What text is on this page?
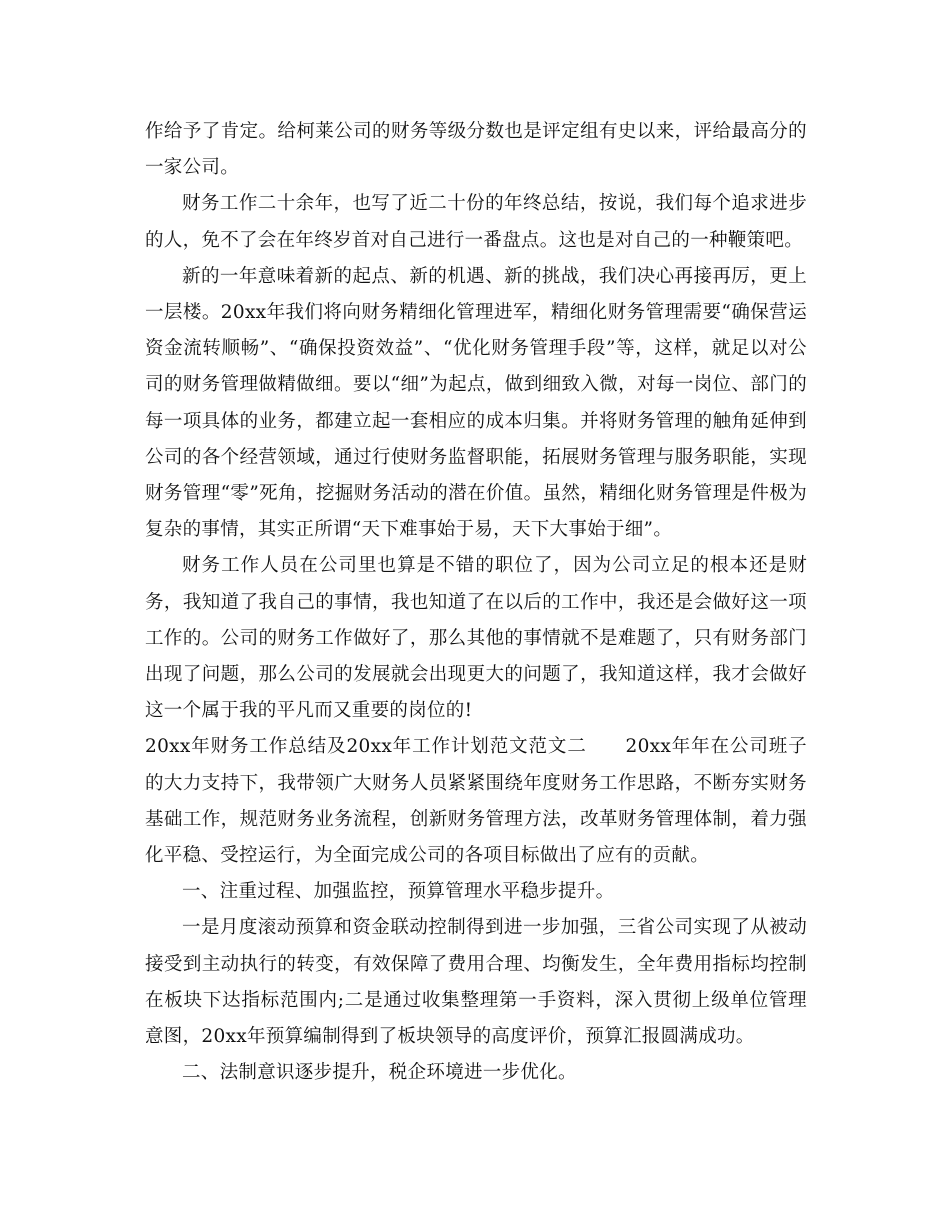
作给予了肯定。给柯莱公司的财务等级分数也是评定组有史以来，评给最高分的一家公司。

财务工作二十余年，也写了近二十份的年终总结，按说，我们每个追求进步的人，免不了会在年终岁首对自己进行一番盘点。这也是对自己的一种鞭策吧。

新的一年意味着新的起点、新的机遇、新的挑战，我们决心再接再厉，更上一层楼。20xx年我们将向财务精细化管理进军，精细化财务管理需要“确保营运资金流转顺畅”、“确保投资效益”、“优化财务管理手段”等，这样，就足以对公司的财务管理做精做细。要以“细”为起点，做到细致入微，对每一岗位、部门的每一项具体的业务，都建立起一套相应的成本归集。并将财务管理的触角延伸到公司的各个经营领域，通过行使财务监督职能，拓展财务管理与服务职能，实现财务管理“零”死角，挖掘财务活动的潜在价值。虽然，精细化财务管理是件极为复杂的事情，其实正所谓“天下难事始于易，天下大事始于细”。

财务工作人员在公司里也算是不错的职位了，因为公司立足的根本还是财务，我知道了我自己的事情，我也知道了在以后的工作中，我还是会做好这一项工作的。公司的财务工作做好了，那么其他的事情就不是难题了，只有财务部门出现了问题，那么公司的发展就会出现更大的问题了，我知道这样，我才会做好这一个属于我的平凡而又重要的岗位的!

20xx年财务工作总结及20xx年工作计划范文范文二　　20xx年年在公司班子的大力支持下，我带领广大财务人员紧紧围绕年度财务工作思路，不断夯实财务基础工作，规范财务业务流程，创新财务管理方法，改革财务管理体制，着力强化平稳、受控运行，为全面完成公司的各项目标做出了应有的贡献。

一、注重过程、加强监控，预算管理水平稳步提升。

一是月度滚动预算和资金联动控制得到进一步加强，三省公司实现了从被动接受到主动执行的转变，有效保障了费用合理、均衡发生，全年费用指标均控制在板块下达指标范围内;二是通过收集整理第一手资料，深入贯彻上级单位管理意图，20xx年预算编制得到了板块领导的高度评价，预算汇报圆满成功。

二、法制意识逐步提升，税企环境进一步优化。
